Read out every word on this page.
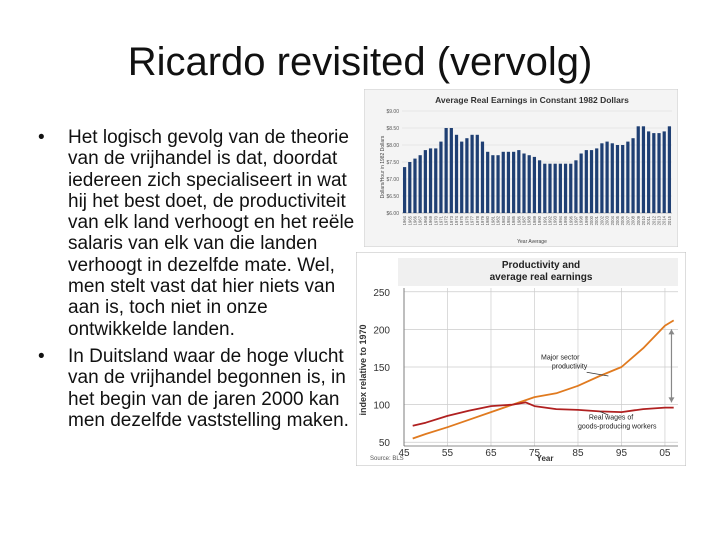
Ricardo revisited (vervolg)
• Het logisch gevolg van de theorie van de vrijhandel is dat, doordat iedereen zich specialiseert in wat hij het best doet, de productiviteit van elk land verhoogt en het reële salaris van elk van die landen verhoogt in dezelfde mate. Wel, men stelt vast dat hier niets van aan is, toch niet in onze ontwikkelde landen.
• In Duitsland waar de hoge vlucht van de vrijhandel begonnen is, in het begin van de jaren 2000 kan men dezelfde vaststelling maken.
Average Real Earnings in Constant 1982 Dollars
Dollars/Hour in 1982 Dollars
Year Average
$6.00
$6.50
$7.00
$7.50
$8.00
$8.50
$9.00
1964 1965 1966 1967 1968 1969 1970 1971 1972 1973 1974 1975 1976 1977 1978 1979 1980 1981 1982 1983 1984 1985 1986 1987 1988 1989 1990 1991 1992 1993 1994 1995 1996 1997 1998 1999 2000 2001 2002 2003 2004 2005 2006 2007 2008 2009 2010 2011 2012 2013 2014 2015
Productivity and
average real earnings
index relative to 1970
Year
Source: BLS
50
100
150
200
250
45	55	65	75	85	95	05
Major sector
productivity
Real wages of
goods-producing workers
